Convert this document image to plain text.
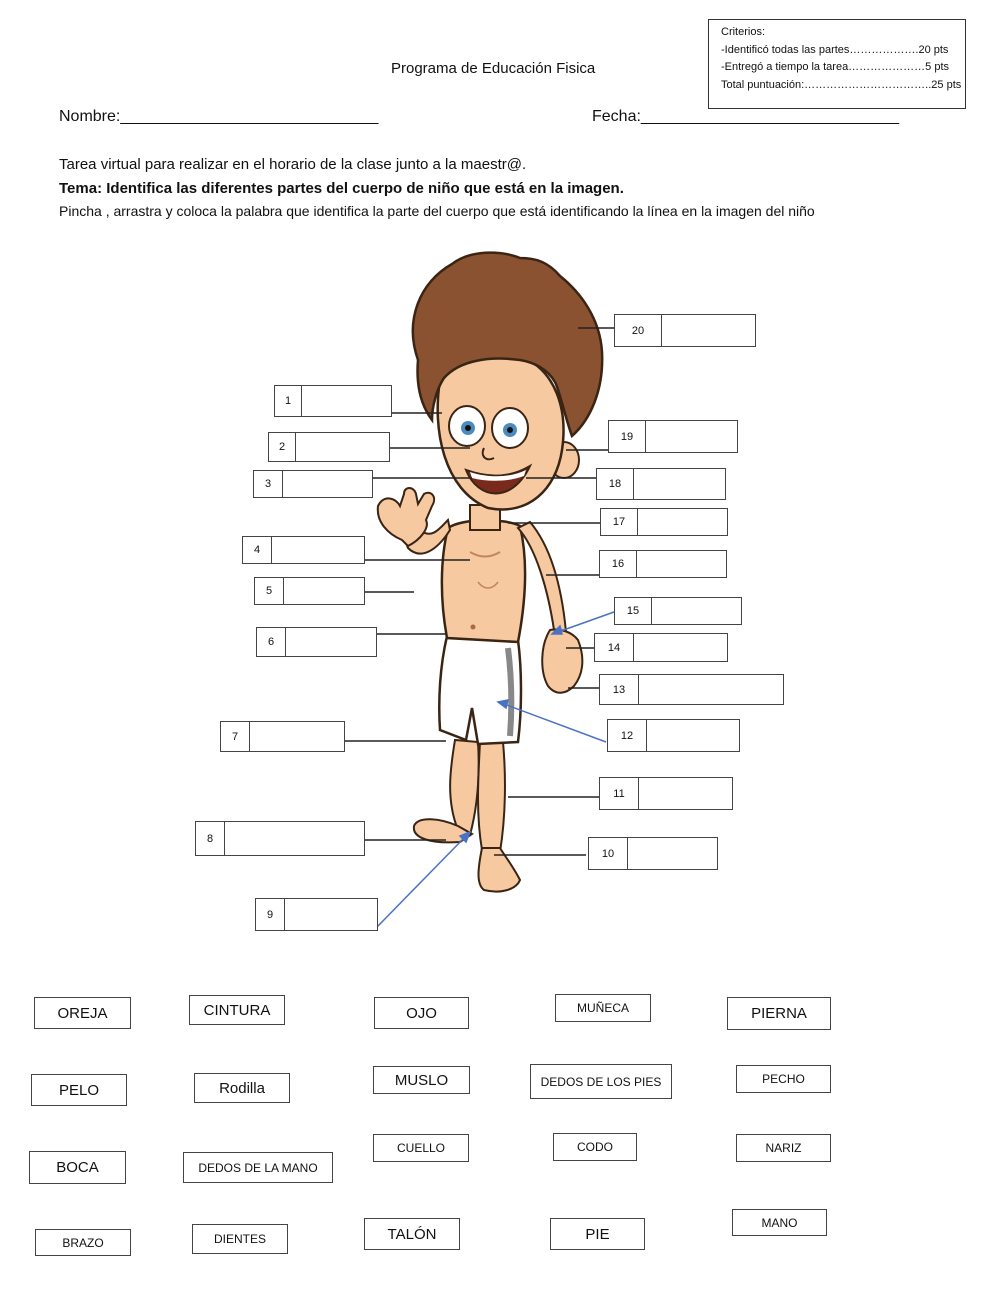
Criterios:
-Identificó todas las partes……………….20 pts
-Entregó a tiempo la tarea…………………5 pts
Total puntuación:……………………………..25 pts
Programa de Educación Fisica
Nombre:_____________________________	Fecha:_____________________________
Tarea virtual para realizar en el horario de la clase junto a la maestr@.
Tema: Identifica las diferentes partes del cuerpo de niño que está en la imagen.
Pincha , arrastra y coloca la palabra que identifica la parte del cuerpo que está identificando la línea en la imagen del niño
1
2
3
4
5
6
7
8
9
10
11
12
13
14
15
16
17
18
19
20
OREJA	CINTURA	OJO	MUÑECA	PIERNA
PELO	Rodilla	MUSLO	DEDOS DE LOS PIES	PECHO
BOCA	DEDOS DE LA MANO
CUELLO	CODO	NARIZ
BRAZO	DIENTES	TALÓN	PIE
MANO
